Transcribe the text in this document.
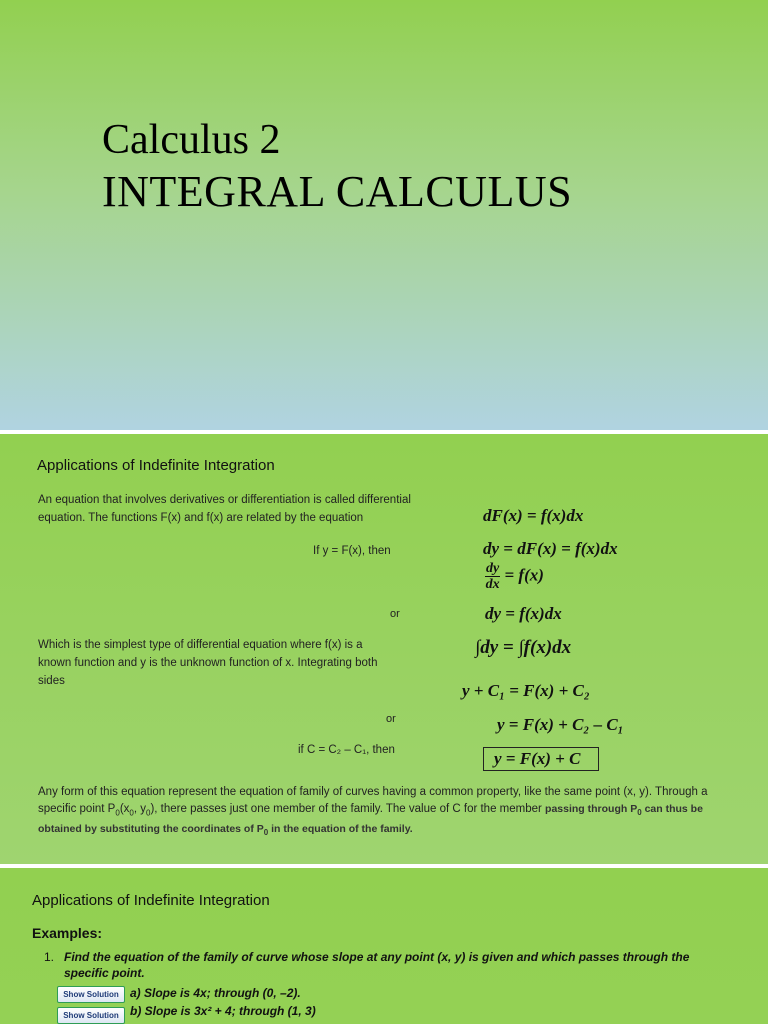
Calculus 2
INTEGRAL CALCULUS
Applications of Indefinite Integration
An equation that involves derivatives or differentiation is called differential equation. The functions F(x) and f(x) are related by the equation
If y = F(x), then
or
Which is the simplest type of differential equation where f(x) is a known function and y is the unknown function of x. Integrating both sides
or
if C = C₂ – C₁, then
dF(x) = f(x)dx
dy = dF(x) = f(x)dx
$\frac{dy}{dx} = f(x)$
dy = f(x)dx
∫dy = ∫f(x)dx
y + C₁ = F(x) + C₂
y = F(x) + C₂ – C₁
y = F(x) + C
Any form of this equation represent the equation of family of curves having a common property, like the same point (x, y). Through a specific point $P_0(x_0$, $y_0$), there passes just one member of the family. The value of C for the member passing through $P_0$ can thus be obtained by substituting the coordinates of $P_0$ in the equation of the family.
Applications of Indefinite Integration
Examples:
1. Find the equation of the family of curve whose slope at any point (x, y) is given and which passes through the specific point.
Show Solution a) Slope is 4x; through (0, –2).
Show Solution b) Slope is 3x² + 4; through (1, 3)
